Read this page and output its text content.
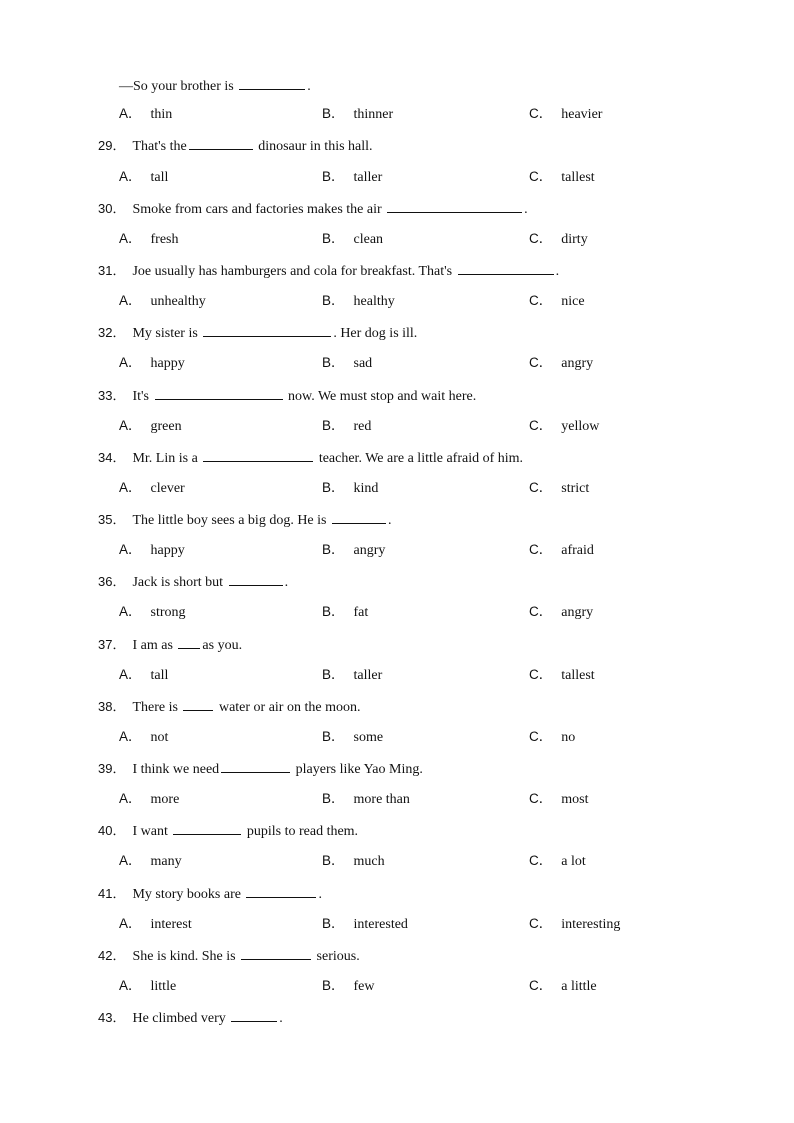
—So your brother is	.
A． thin	B． thinner	C． heavier
29． That's the	dinosaur in this hall.
A． tall	B． taller	C． tallest
30． Smoke from cars and factories makes the air	.
A． fresh	B． clean	C． dirty
31． Joe usually has hamburgers and cola for breakfast. That's	.
A． unhealthy	B． healthy	C． nice
32． My sister is	. Her dog is ill.
A． happy	B． sad	C． angry
33． It's	now. We must stop and wait here.
A． green	B． red	C． yellow
34． Mr. Lin is a	teacher. We are a little afraid of him.
A． clever	B． kind	C． strict
35． The little boy sees a big dog. He is	.
A． happy	B． angry	C． afraid
36． Jack is short but	.
A． strong	B． fat	C． angry
37． I am as as you.
A． tall	B． taller	C． tallest
38． There is  water or air on the moon.
A． not	B． some	C． no
39． I think we need	players like Yao Ming.
A． more	B． more than	C． most
40． I want	pupils to read them.
A． many	B． much	C． a lot
41． My story books are	.
A． interest	B． interested	C． interesting
42． She is kind. She is	serious.
A． little	B． few	C． a little
43． He climbed very	.
